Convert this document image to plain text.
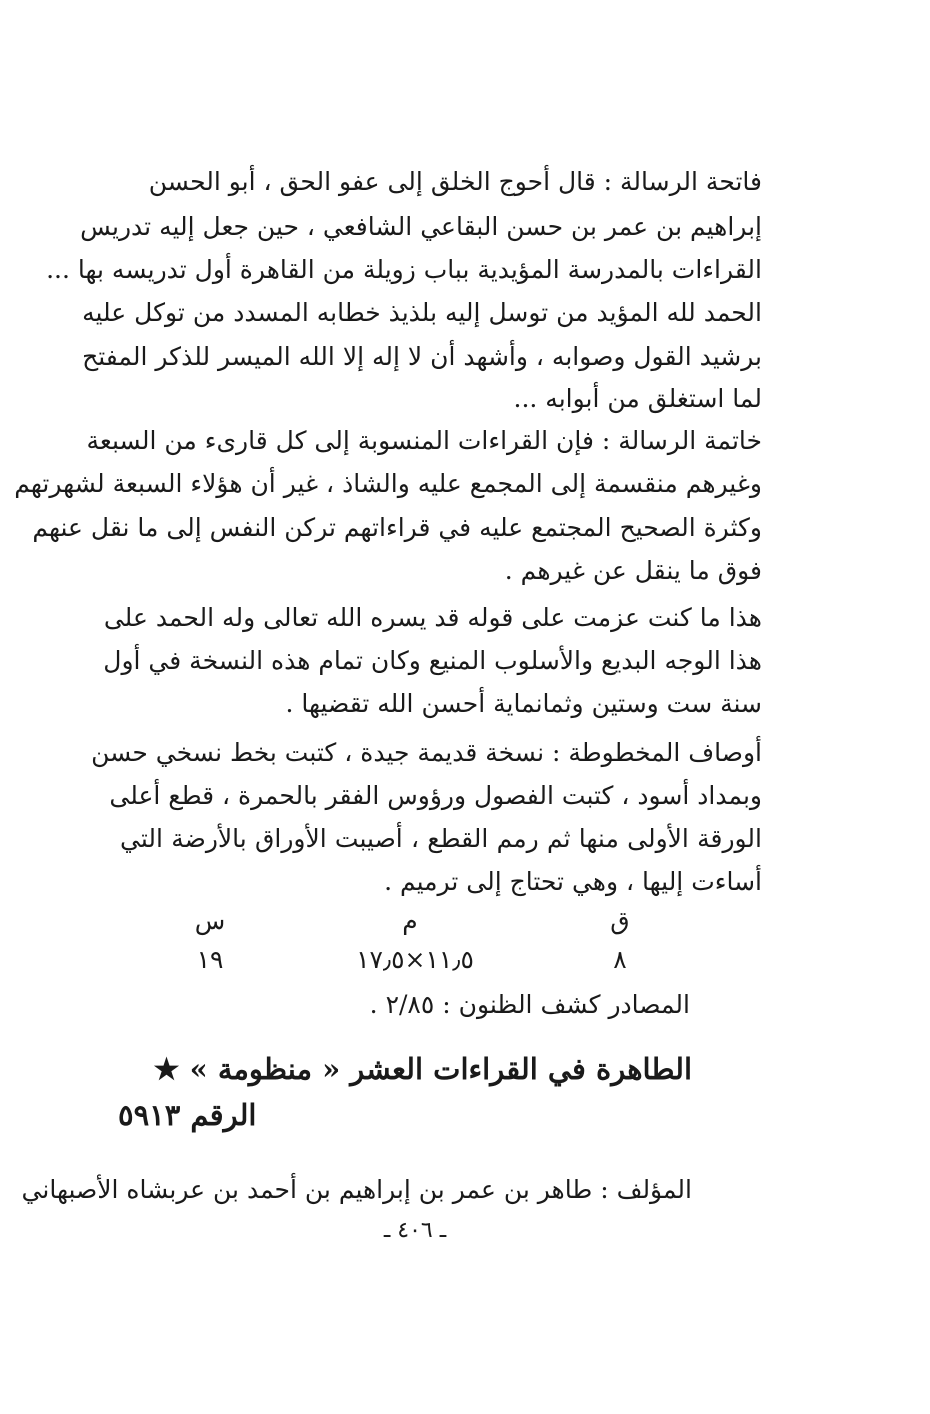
فاتحة الرسالة : قال أحوج الخلق إلى عفو الحق ، أبو الحسن
إبراهيم بن عمر بن حسن البقاعي الشافعي ، حين جعل إليه تدريس
القراءات بالمدرسة المؤيدية بباب زويلة من القاهرة أول تدريسه بها ...
الحمد لله المؤيد من توسل إليه بلذيذ خطابه المسدد من توكل عليه
برشيد القول وصوابه ، وأشهد أن لا إله إلا الله الميسر للذكر المفتح
لما استغلق من أبوابه ...
خاتمة الرسالة : فإن القراءات المنسوبة إلى كل قارىء من السبعة
وغيرهم منقسمة إلى المجمع عليه والشاذ ، غير أن هؤلاء السبعة لشهرتهم
وكثرة الصحيح المجتمع عليه في قراءاتهم تركن النفس إلى ما نقل عنهم
فوق ما ينقل عن غيرهم .
هذا ما كنت عزمت على قوله قد يسره الله تعالى وله الحمد على
هذا الوجه البديع والأسلوب المنيع وكان تمام هذه النسخة في أول
سنة ست وستين وثمانماية أحسن الله تقضيها .
أوصاف المخطوطة : نسخة قديمة جيدة ، كتبت بخط نسخي حسن
وبمداد أسود ، كتبت الفصول ورؤوس الفقر بالحمرة ، قطع أعلى
الورقة الأولى منها ثم رمم القطع ، أصيبت الأوراق بالأرضة التي
أساءت إليها ، وهي تحتاج إلى ترميم .
ق
م
س
٨
١١٫٥×١٧٫٥
١٩
المصادر كشف الظنون : ٢/٨٥ .
الطاهرة في القراءات العشر « منظومة » ★
الرقم ٥٩١٣
المؤلف : طاهر بن عمر بن إبراهيم بن أحمد بن عربشاه الأصبهاني
ـ ٤٠٦ ـ
